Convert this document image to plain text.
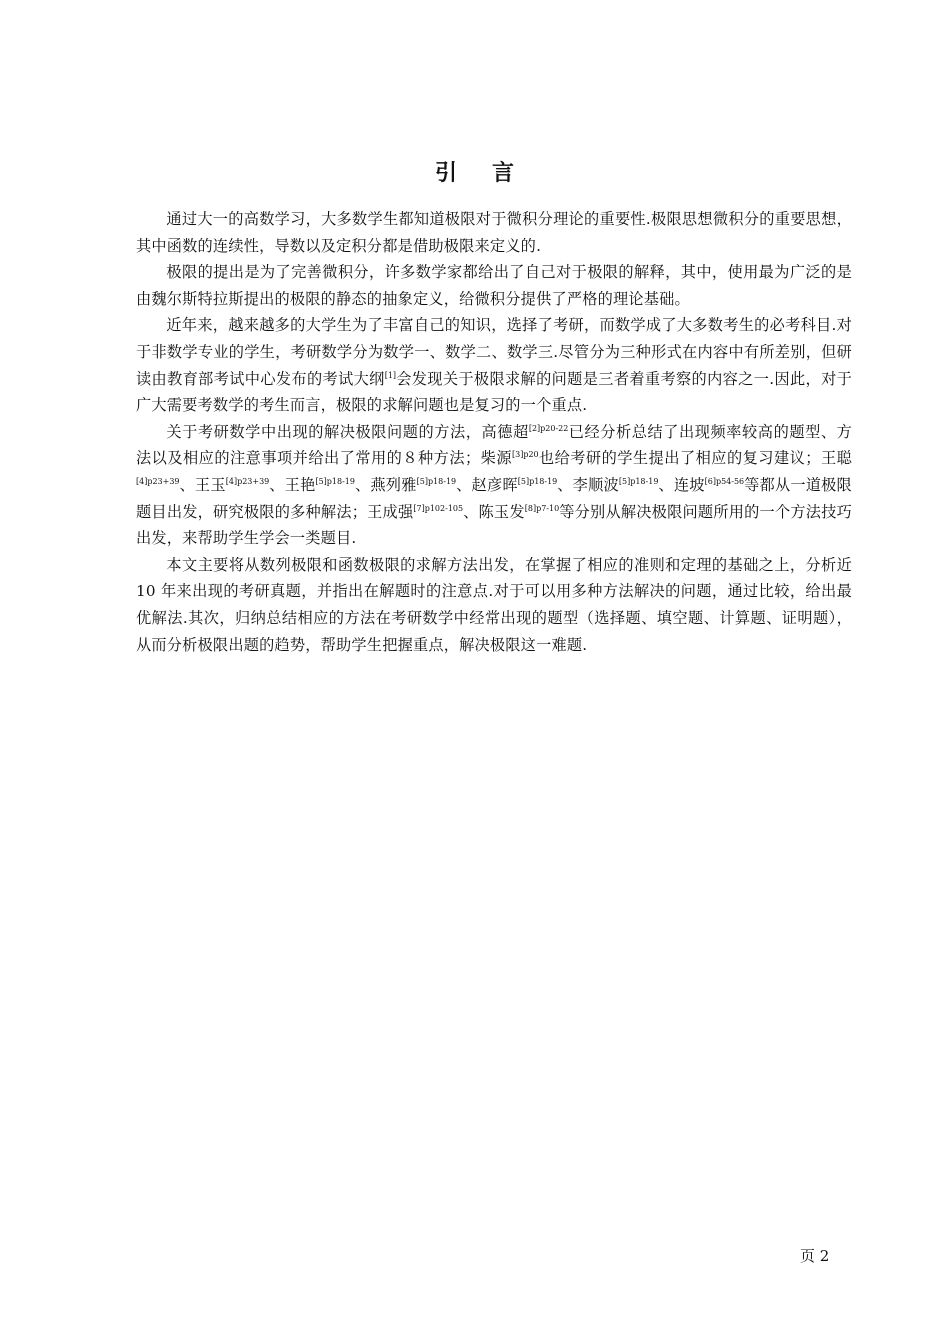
引 言

通过大一的高数学习，大多数学生都知道极限对于微积分理论的重要性.极限思想微积分的重要思想，其中函数的连续性，导数以及定积分都是借助极限来定义的.

极限的提出是为了完善微积分，许多数学家都给出了自己对于极限的解释，其中，使用最为广泛的是由魏尔斯特拉斯提出的极限的静态的抽象定义，给微积分提供了严格的理论基础。

近年来，越来越多的大学生为了丰富自己的知识，选择了考研，而数学成了大多数考生的必考科目.对于非数学专业的学生，考研数学分为数学一、数学二、数学三.尽管分为三种形式在内容中有所差别，但研读由教育部考试中心发布的考试大纲[1]会发现关于极限求解的问题是三者着重考察的内容之一.因此，对于广大需要考数学的考生而言，极限的求解问题也是复习的一个重点.

关于考研数学中出现的解决极限问题的方法，高德超$^{[2]p20-22}$已经分析总结了出现频率较高的题型、方法以及相应的注意事项并给出了常用的８种方法；柴源$^{[3]p20}$也给考研的学生提出了相应的复习建议；王聪$^{[4]p23+39}$、王玉$^{[4]p23+39}$、王艳$^{[5]p18-19}$、燕列雅$^{[5]p18-19}$、赵彦晖$^{[5]p18-19}$、李顺波$^{[5]p18-19}$、连坡$^{[6]p54-56}$等都从一道极限题目出发，研究极限的多种解法；王成强$^{[7]p102-105}$、陈玉发$^{[8]p7-10}$等分别从解决极限问题所用的一个方法技巧出发，来帮助学生学会一类题目.

本文主要将从数列极限和函数极限的求解方法出发，在掌握了相应的准则和定理的基础之上，分析近 10 年来出现的考研真题，并指出在解题时的注意点.对于可以用多种方法解决的问题，通过比较，给出最优解法.其次，归纳总结相应的方法在考研数学中经常出现的题型（选择题、填空题、计算题、证明题），从而分析极限出题的趋势，帮助学生把握重点，解决极限这一难题.

页 2
